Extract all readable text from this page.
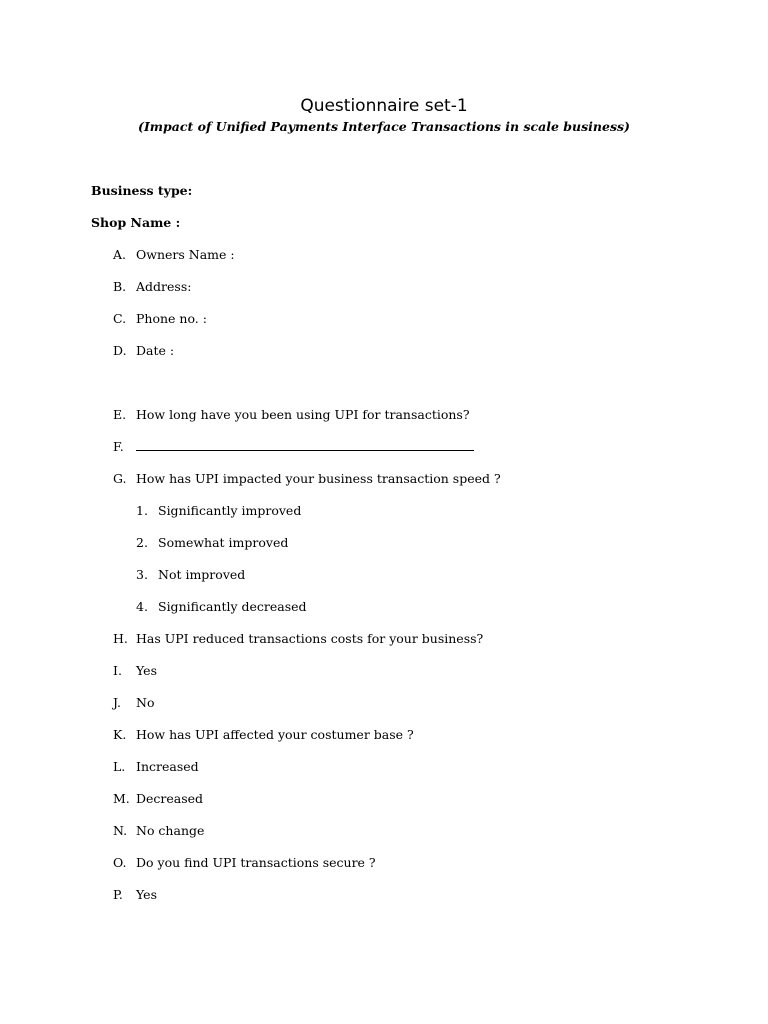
Questionnaire set-1
(Impact of Unified Payments Interface Transactions in scale business)
Business type:
Shop Name :
A. Owners Name :
B. Address:
C. Phone no. :
D. Date :
E. How long have you been using UPI for transactions?
F.
G. How has UPI impacted your business transaction speed ?
1. Significantly improved
2. Somewhat improved
3. Not improved
4. Significantly decreased
H. Has UPI reduced transactions costs for your business?
I. Yes
J. No
K. How has UPI affected your costumer base ?
L. Increased
M. Decreased
N. No change
O. Do you find UPI transactions secure ?
P. Yes
